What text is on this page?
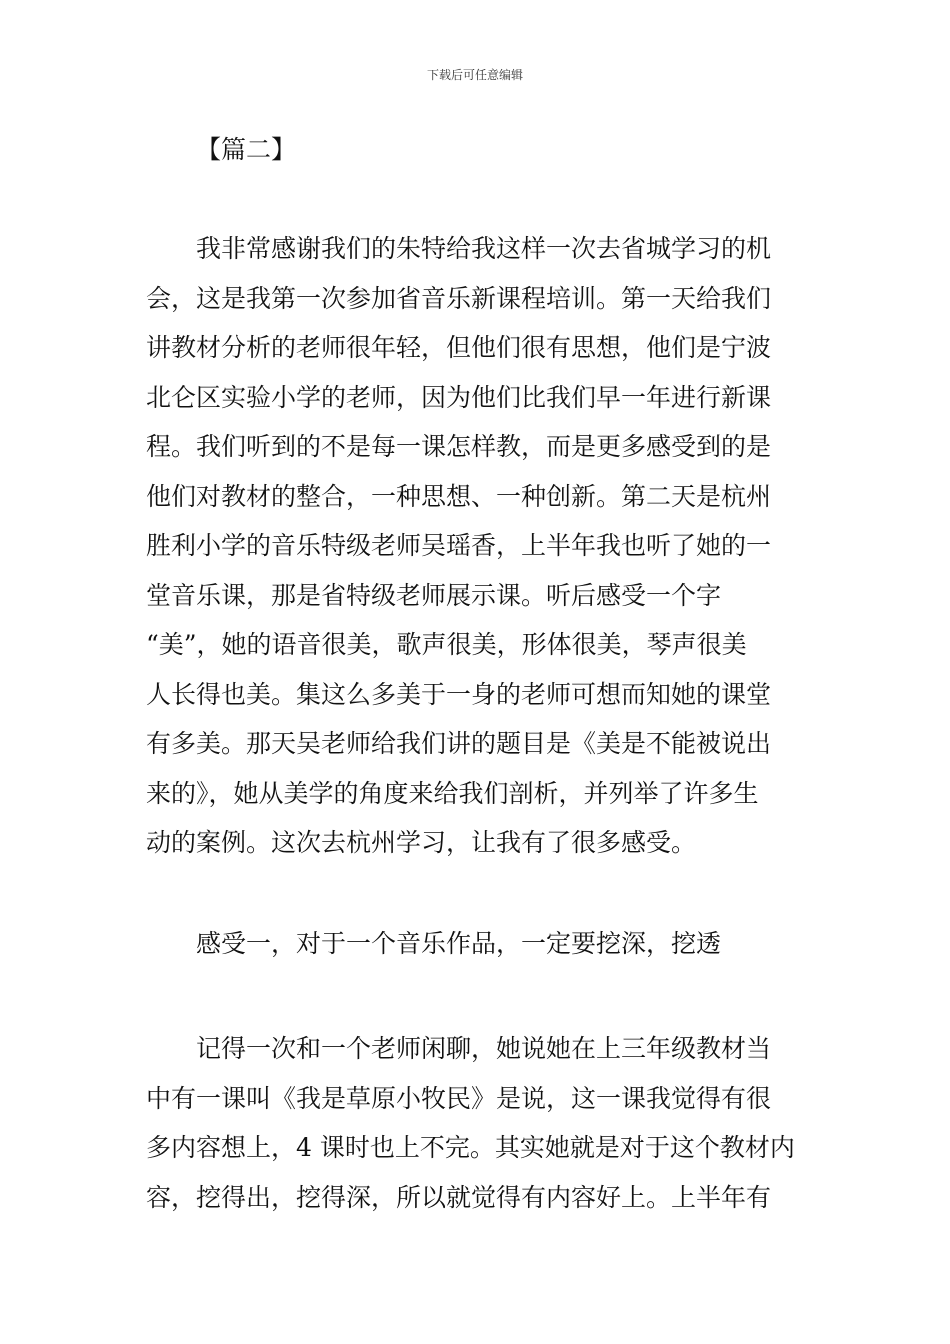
下载后可任意编辑
【篇二】
　　我非常感谢我们的朱特给我这样一次去省城学习的机
会，这是我第一次参加省音乐新课程培训。第一天给我们
讲教材分析的老师很年轻，但他们很有思想，他们是宁波
北仑区实验小学的老师，因为他们比我们早一年进行新课
程。我们听到的不是每一课怎样教，而是更多感受到的是
他们对教材的整合，一种思想、一种创新。第二天是杭州
胜利小学的音乐特级老师吴瑶香，上半年我也听了她的一
堂音乐课，那是省特级老师展示课。听后感受一个字
“美”，她的语音很美，歌声很美，形体很美，琴声很美
人长得也美。集这么多美于一身的老师可想而知她的课堂
有多美。那天吴老师给我们讲的题目是《美是不能被说出
来的》，她从美学的角度来给我们剖析，并列举了许多生
动的案例。这次去杭州学习，让我有了很多感受。
感受一，对于一个音乐作品，一定要挖深，挖透
　　记得一次和一个老师闲聊，她说她在上三年级教材当
中有一课叫《我是草原小牧民》是说，这一课我觉得有很
多内容想上，4 课时也上不完。其实她就是对于这个教材内
容，挖得出，挖得深，所以就觉得有内容好上。上半年有
